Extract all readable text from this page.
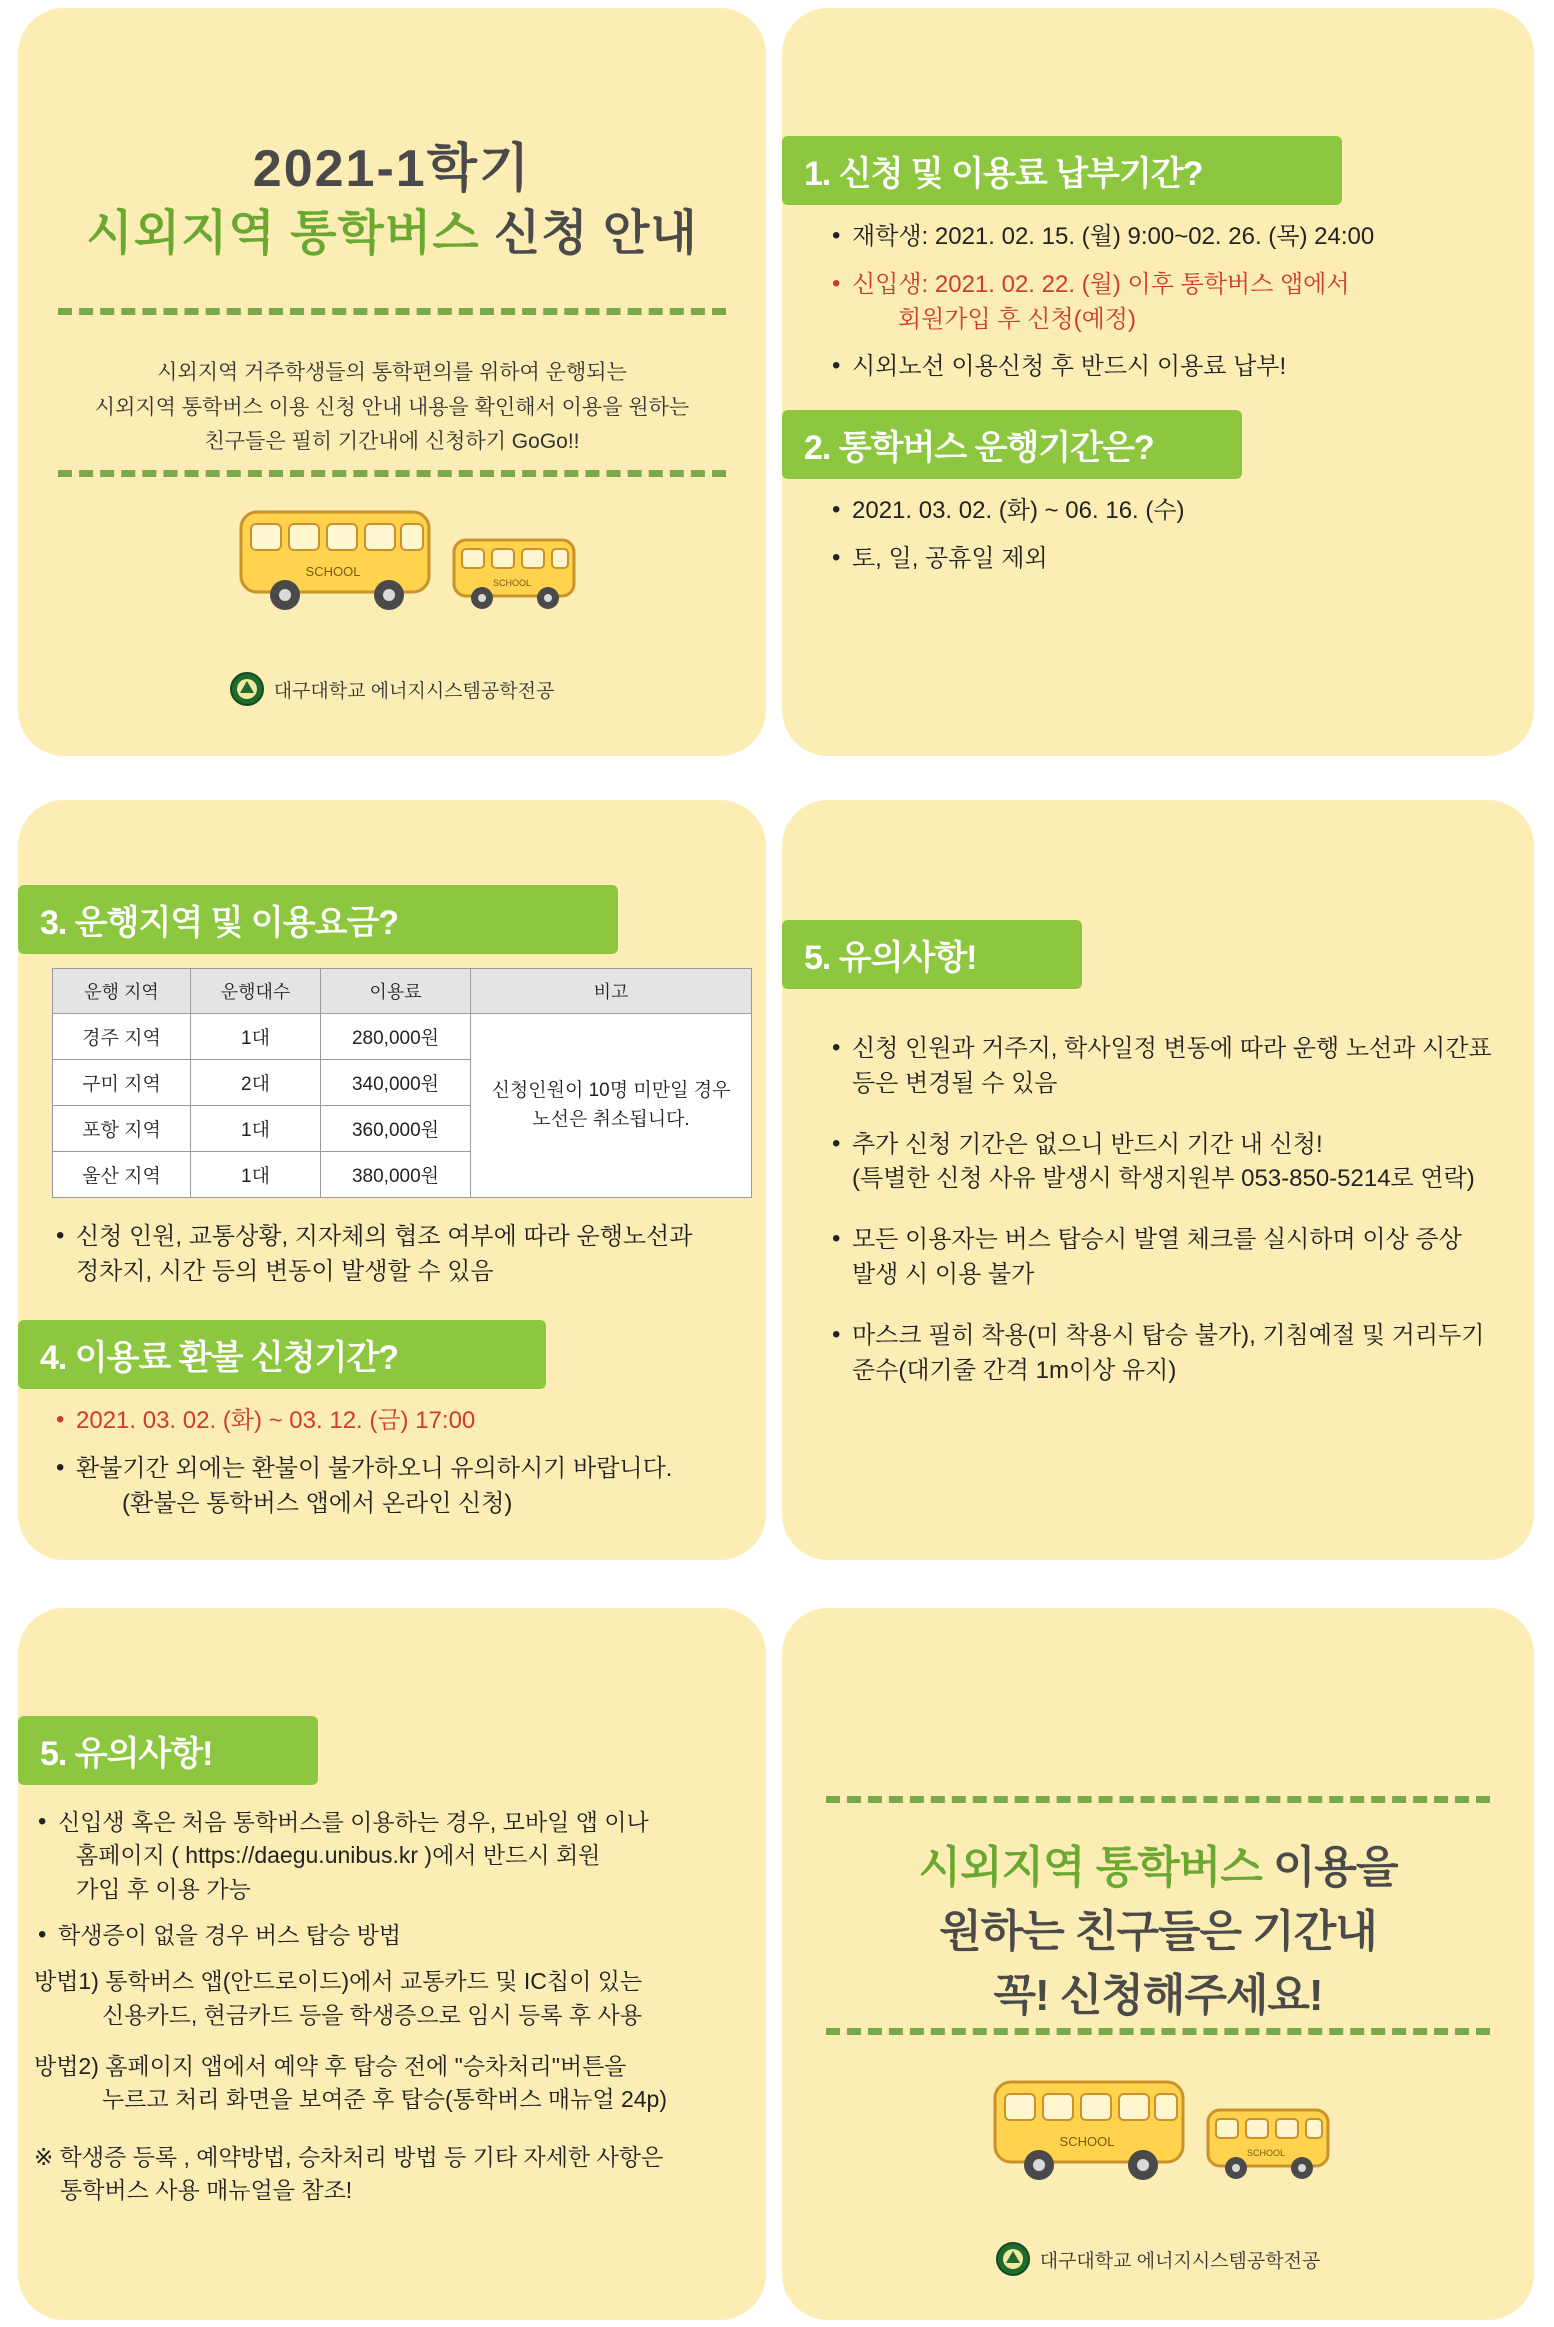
2021-1학기
시외지역 통학버스 신청 안내
시외지역 거주학생들의 통학편의를 위하여 운행되는
시외지역 통학버스 이용 신청 안내 내용을 확인해서 이용을 원하는
친구들은 필히 기간내에 신청하기 GoGo!!
SCHOOL
SCHOOL
대구대학교 에너지시스템공학전공
1. 신청 및 이용료 납부기간?
• 재학생: 2021. 02. 15. (월) 9:00~02. 26. (목) 24:00
• 신입생: 2021. 02. 22. (월) 이후 통학버스 앱에서
회원가입 후 신청(예정)
• 시외노선 이용신청 후 반드시 이용료 납부!
2. 통학버스 운행기간은?
• 2021. 03. 02. (화) ~ 06. 16. (수)
• 토, 일, 공휴일 제외
3. 운행지역 및 이용요금?
운행 지역	운행대수	이용료	비고
경주 지역	1대	280,000원	신청인원이 10명 미만일 경우
노선은 취소됩니다.

구미 지역	2대	340,000원	
포항 지역	1대	360,000원	
울산 지역	1대	380,000원	
• 신청 인원, 교통상황, 지자체의 협조 여부에 따라 운행노선과
정차지, 시간 등의 변동이 발생할 수 있음
4. 이용료 환불 신청기간?
• 2021. 03. 02. (화) ~ 03. 12. (금) 17:00
• 환불기간 외에는 환불이 불가하오니 유의하시기 바랍니다.
(환불은 통학버스 앱에서 온라인 신청)
5. 유의사항!
• 신청 인원과 거주지, 학사일정 변동에 따라 운행 노선과 시간표
등은 변경될 수 있음
• 추가 신청 기간은 없으니 반드시 기간 내 신청!
(특별한 신청 사유 발생시 학생지원부 053-850-5214로 연락)
• 모든 이용자는 버스 탑승시 발열 체크를 실시하며 이상 증상
발생 시 이용 불가
• 마스크 필히 착용(미 착용시 탑승 불가), 기침예절 및 거리두기
준수(대기줄 간격 1m이상 유지)
5. 유의사항!
• 신입생 혹은 처음 통학버스를 이용하는 경우, 모바일 앱 이나
홈페이지 ( https://daegu.unibus.kr )에서 반드시 회원
가입 후 이용 가능
• 학생증이 없을 경우 버스 탑승 방법
방법1) 통학버스 앱(안드로이드)에서 교통카드 및 IC칩이 있는
신용카드, 현금카드 등을 학생증으로 임시 등록 후 사용
방법2) 홈페이지 앱에서 예약 후 탑승 전에 "승차처리"버튼을
누르고 처리 화면을 보여준 후 탑승(통학버스 매뉴얼 24p)
※ 학생증 등록 , 예약방법, 승차처리 방법 등 기타 자세한 사항은
통학버스 사용 매뉴얼을 참조!
시외지역 통학버스 이용을
원하는 친구들은 기간내
꼭! 신청해주세요!
SCHOOL
SCHOOL
대구대학교 에너지시스템공학전공
